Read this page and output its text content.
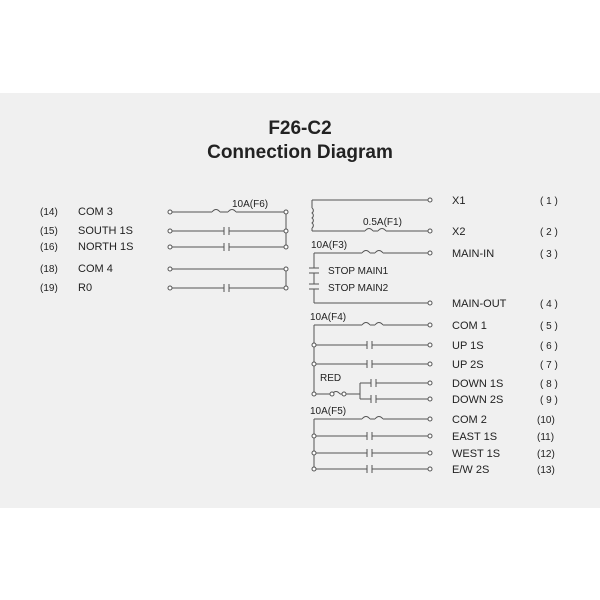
F26-C2
Connection Diagram
(14) COM 3
(15) SOUTH 1S
(16) NORTH 1S
(18) COM 4
(19) R0
10A(F6)
0.5A(F1)
10A(F3)
STOP MAIN1
STOP MAIN2
10A(F4)
RED
10A(F5)
X1	( 1 )
X2	( 2 )
MAIN-IN	( 3 )
MAIN-OUT	( 4 )
COM 1	( 5 )
UP 1S	( 6 )
UP 2S	( 7 )
DOWN 1S	( 8 )
DOWN 2S	( 9 )
COM 2	(10)
EAST 1S	(11)
WEST 1S	(12)
E/W 2S	(13)
